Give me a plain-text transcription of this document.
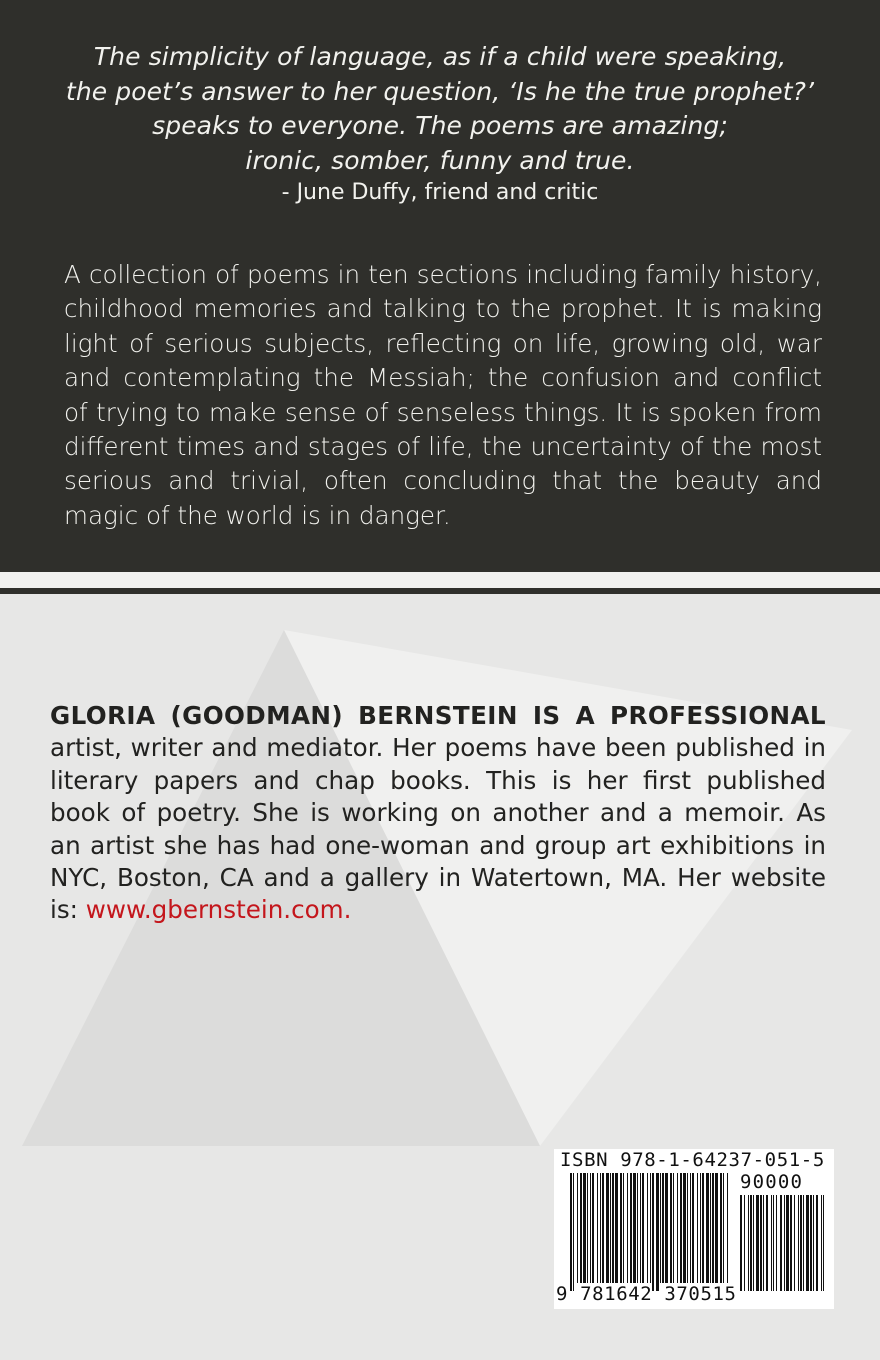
The simplicity of language, as if a child were speaking,
the poet’s answer to her question, ‘Is he the true prophet?’
speaks to everyone. The poems are amazing;
ironic, somber, funny and true.
- June Duffy, friend and critic
A collection of poems in ten sections including family history,
childhood memories and talking to the prophet. It is making
light of serious subjects, reflecting on life, growing old, war
and contemplating the Messiah; the confusion and conflict
of trying to make sense of senseless things. It is spoken from
different times and stages of life, the uncertainty of the most
serious and trivial, often concluding that the beauty and
magic of the world is in danger.
GLORIA (GOODMAN) BERNSTEIN IS A PROFESSIONAL
artist, writer and mediator. Her poems have been published in
literary papers and chap books. This is her first published
book of poetry. She is working on another and a memoir. As
an artist she has had one-woman and group art exhibitions in
NYC, Boston, CA and a gallery in Watertown, MA. Her website
is: www.gbernstein.com.
ISBN 978-1-64237-051-5
90000
9 781642 370515
